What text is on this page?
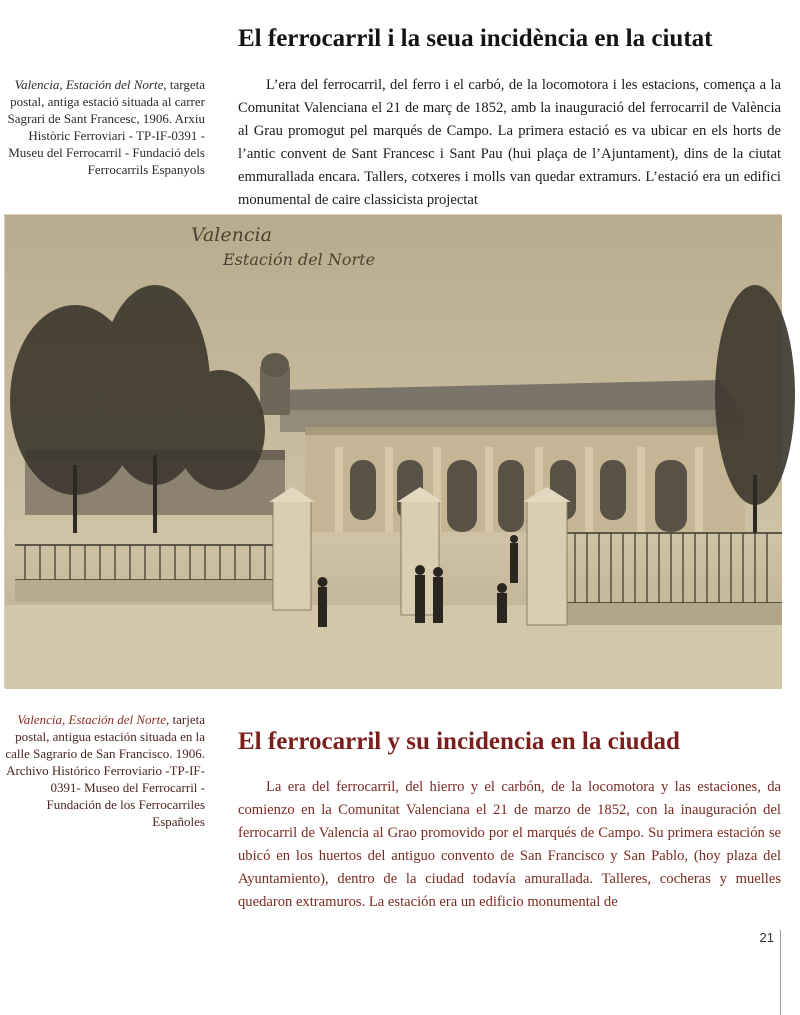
El ferrocarril i la seua incidència en la ciutat
Valencia, Estación del Norte, targeta postal, antiga estació situada al carrer Sagrari de Sant Francesc, 1906. Arxiu Històric Ferroviari - TP-IF-0391 - Museu del Ferrocarril - Fundació dels Ferrocarrils Espanyols

L’era del ferrocarril, del ferro i el carbó, de la locomotora i les estacions, comença a la Comunitat Valenciana el 21 de març de 1852, amb la inauguració del ferrocarril de València al Grau promogut pel marqués de Campo. La primera estació es va ubicar en els horts de l’antic convent de Sant Francesc i Sant Pau (hui plaça de l’Ajuntament), dins de la ciutat emmurallada encara. Tallers, cotxeres i molls van quedar extramurs. L’estació era un edifici monumental de caire classicista projectat

Valencia
Estación del Norte
El ferrocarril y su incidencia en la ciudad
Valencia, Estación del Norte, tarjeta postal, antigua estación situada en la calle Sagrario de San Francisco. 1906. Archivo Histórico Ferroviario -TP-IF-0391- Museo del Ferrocarril - Fundación de los Ferrocarriles Españoles

La era del ferrocarril, del hierro y el carbón, de la locomotora y las estaciones, da comienzo en la Comunitat Valenciana el 21 de marzo de 1852, con la inauguración del ferrocarril de Valencia al Grao promovido por el marqués de Campo. Su primera estación se ubicó en los huertos del antiguo convento de San Francisco y San Pablo, (hoy plaza del Ayuntamiento), dentro de la ciudad todavía amurallada. Talleres, cocheras y muelles quedaron extramuros. La estación era un edificio monumental de

21
